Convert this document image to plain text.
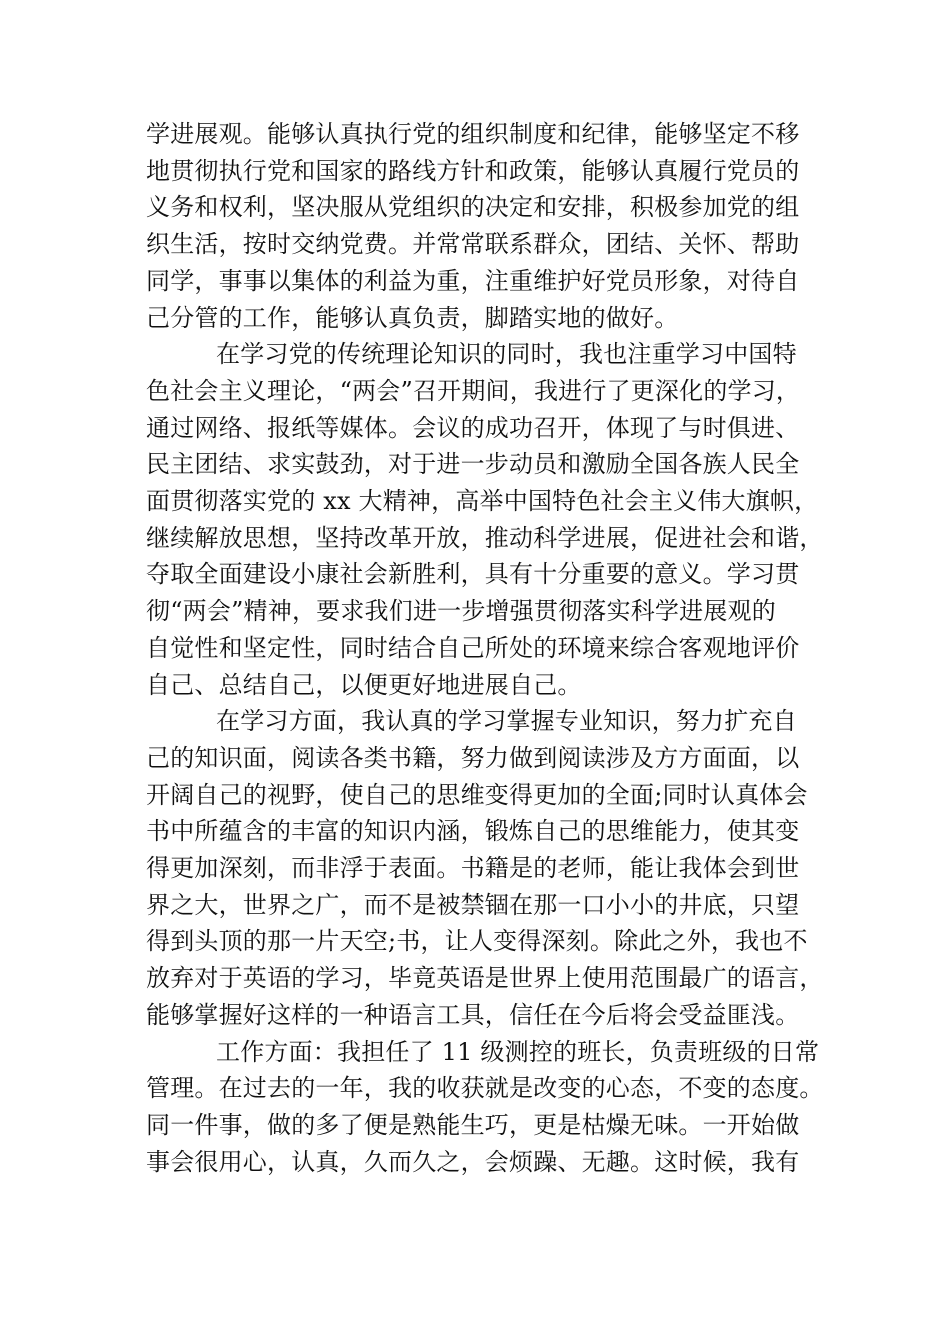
学进展观。能够认真执行党的组织制度和纪律，能够坚定不移
地贯彻执行党和国家的路线方针和政策，能够认真履行党员的
义务和权利，坚决服从党组织的决定和安排，积极参加党的组
织生活，按时交纳党费。并常常联系群众，团结、关怀、帮助
同学，事事以集体的利益为重，注重维护好党员形象，对待自
己分管的工作，能够认真负责，脚踏实地的做好。
在学习党的传统理论知识的同时，我也注重学习中国特
色社会主义理论，“两会”召开期间，我进行了更深化的学习，
通过网络、报纸等媒体。会议的成功召开，体现了与时俱进、
民主团结、求实鼓劲，对于进一步动员和激励全国各族人民全
面贯彻落实党的 xx 大精神，高举中国特色社会主义伟大旗帜，
继续解放思想，坚持改革开放，推动科学进展，促进社会和谐，
夺取全面建设小康社会新胜利，具有十分重要的意义。学习贯
彻“两会”精神，要求我们进一步增强贯彻落实科学进展观的
自觉性和坚定性，同时结合自己所处的环境来综合客观地评价
自己、总结自己，以便更好地进展自己。
在学习方面，我认真的学习掌握专业知识，努力扩充自
己的知识面，阅读各类书籍，努力做到阅读涉及方方面面，以
开阔自己的视野，使自己的思维变得更加的全面;同时认真体会
书中所蕴含的丰富的知识内涵，锻炼自己的思维能力，使其变
得更加深刻，而非浮于表面。书籍是的老师，能让我体会到世
界之大，世界之广，而不是被禁锢在那一口小小的井底，只望
得到头顶的那一片天空;书，让人变得深刻。除此之外，我也不
放弃对于英语的学习，毕竟英语是世界上使用范围最广的语言，
能够掌握好这样的一种语言工具，信任在今后将会受益匪浅。
工作方面：我担任了 11 级测控的班长，负责班级的日常
管理。在过去的一年，我的收获就是改变的心态，不变的态度。
同一件事，做的多了便是熟能生巧，更是枯燥无味。一开始做
事会很用心，认真，久而久之，会烦躁、无趣。这时候，我有
